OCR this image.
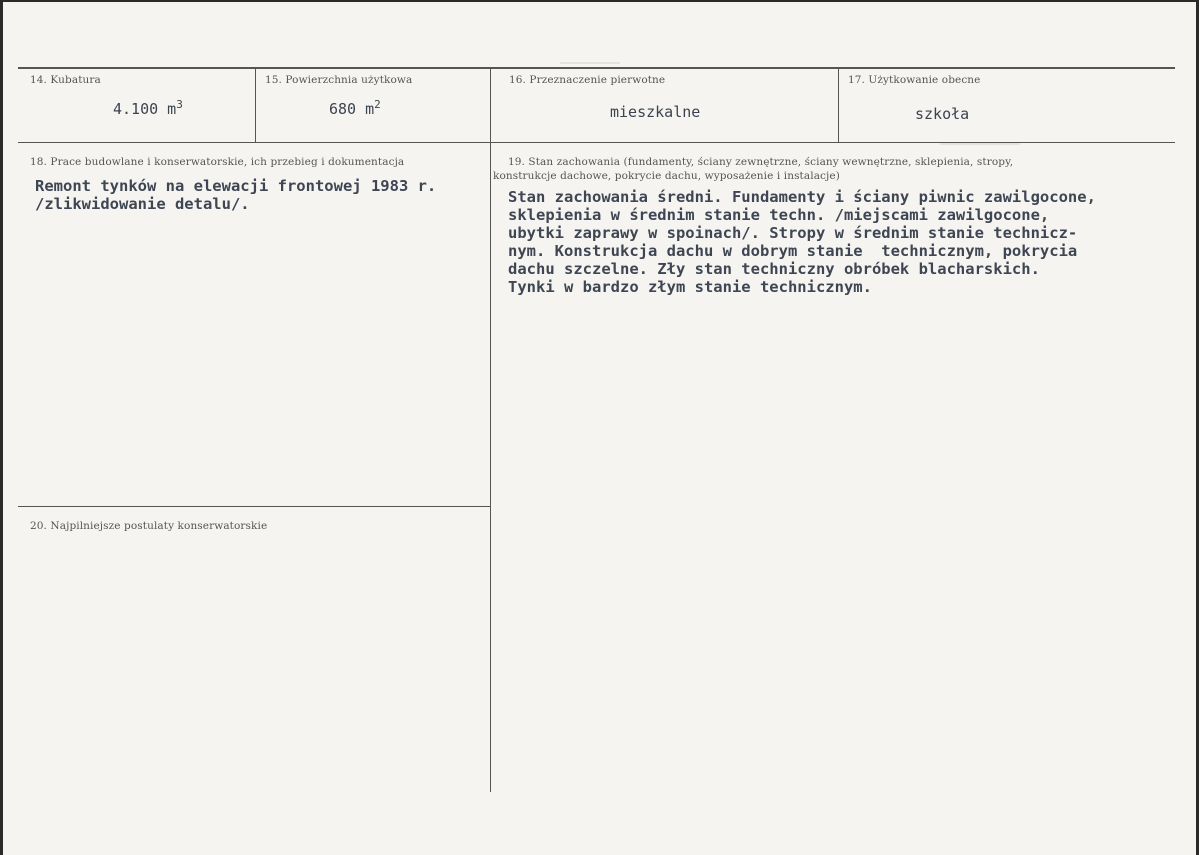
14. Kubatura
4.100 $m^3$
15. Powierzchnia użytkowa
680 $m^2$
16. Przeznaczenie pierwotne
mieszkalne
17. Użytkowanie obecne
szkoła
18. Prace budowlane i konserwatorskie, ich przebieg i dokumentacja
Remont tynków na elewacji frontowej 1983 r.
/zlikwidowanie detalu/.
19. Stan zachowania (fundamenty, ściany zewnętrzne, ściany wewnętrzne, sklepienia, stropy,
konstrukcje dachowe, pokrycie dachu, wyposażenie i instalacje)
Stan zachowania średni. Fundamenty i ściany piwnic zawilgocone,
sklepienia w średnim stanie techn. /miejscami zawilgocone,
ubytki zaprawy w spoinach/. Stropy w średnim stanie technicz-
nym. Konstrukcja dachu w dobrym stanie  technicznym, pokrycia
dachu szczelne. Zły stan techniczny obróbek blacharskich.
Tynki w bardzo złym stanie technicznym.
20. Najpilniejsze postulaty konserwatorskie
